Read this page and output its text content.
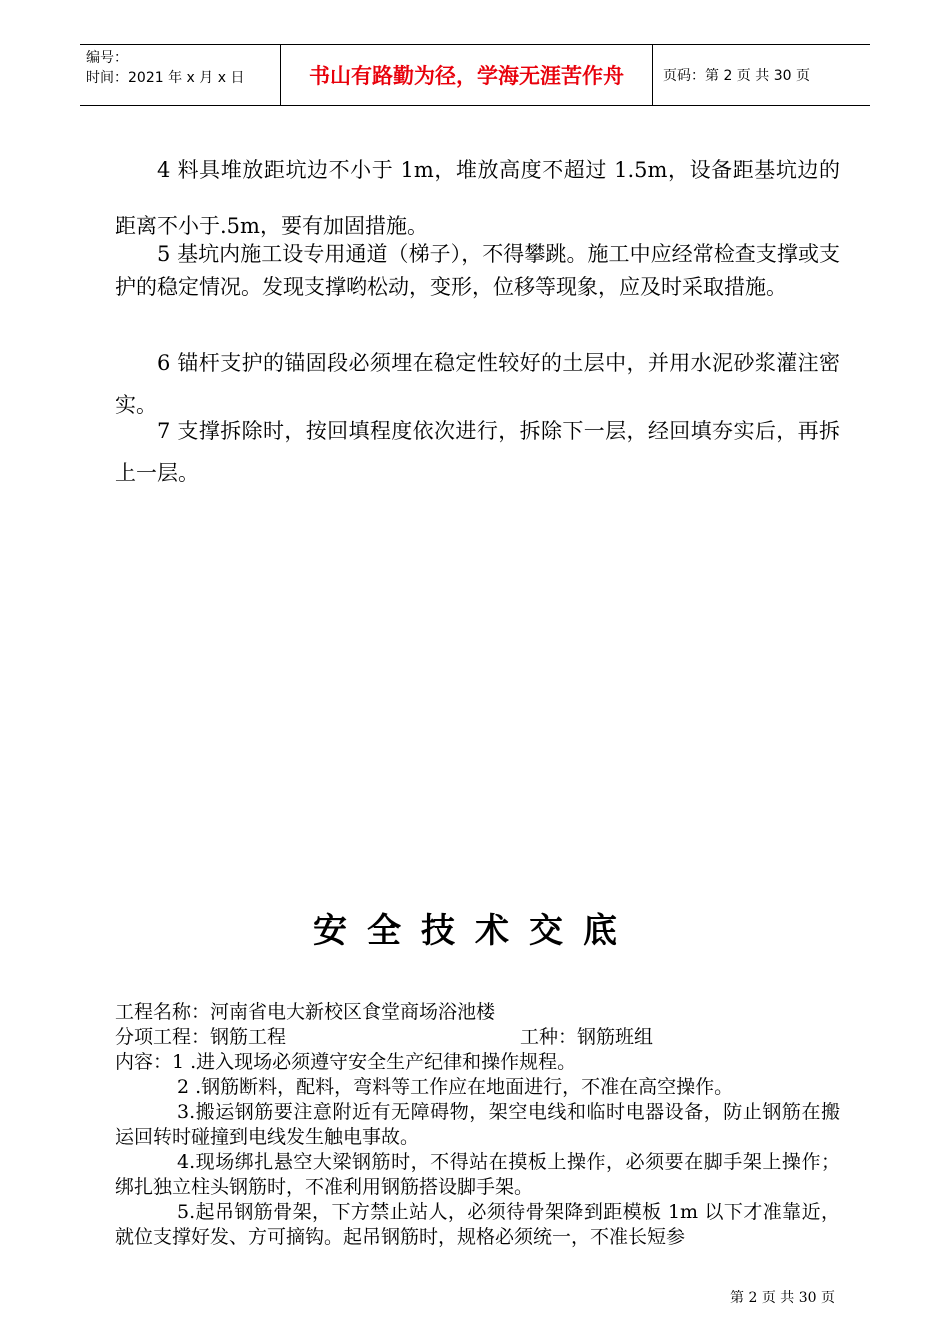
编号：
时间：2021 年 x 月 x 日	书山有路勤为径，学海无涯苦作舟	页码：第 2 页 共 30 页

4 料具堆放距坑边不小于 1m，堆放高度不超过 1.5m，设备距基坑边的距离不小于.5m，要有加固措施。

5 基坑内施工设专用通道（梯子），不得攀跳。施工中应经常检查支撑或支护的稳定情况。发现支撑哟松动，变形，位移等现象，应及时采取措施。

6 锚杆支护的锚固段必须埋在稳定性较好的土层中，并用水泥砂浆灌注密实。

7 支撑拆除时，按回填程度依次进行，拆除下一层，经回填夯实后，再拆上一层。

安全技术交底
工程名称：河南省电大新校区食堂商场浴池楼
分项工程：钢筋工程	工种：钢筋班组
内容：1 .进入现场必须遵守安全生产纪律和操作规程。
2 .钢筋断料，配料，弯料等工作应在地面进行，不准在高空操作。
3.搬运钢筋要注意附近有无障碍物，架空电线和临时电器设备，防止钢筋在搬运回转时碰撞到电线发生触电事故。
4.现场绑扎悬空大梁钢筋时，不得站在摸板上操作，必须要在脚手架上操作；绑扎独立柱头钢筋时，不准利用钢筋搭设脚手架。
5.起吊钢筋骨架，下方禁止站人，必须待骨架降到距模板 1m 以下才准靠近，就位支撑好发、方可摘钩。起吊钢筋时，规格必须统一，不准长短参
第 2 页 共 30 页
